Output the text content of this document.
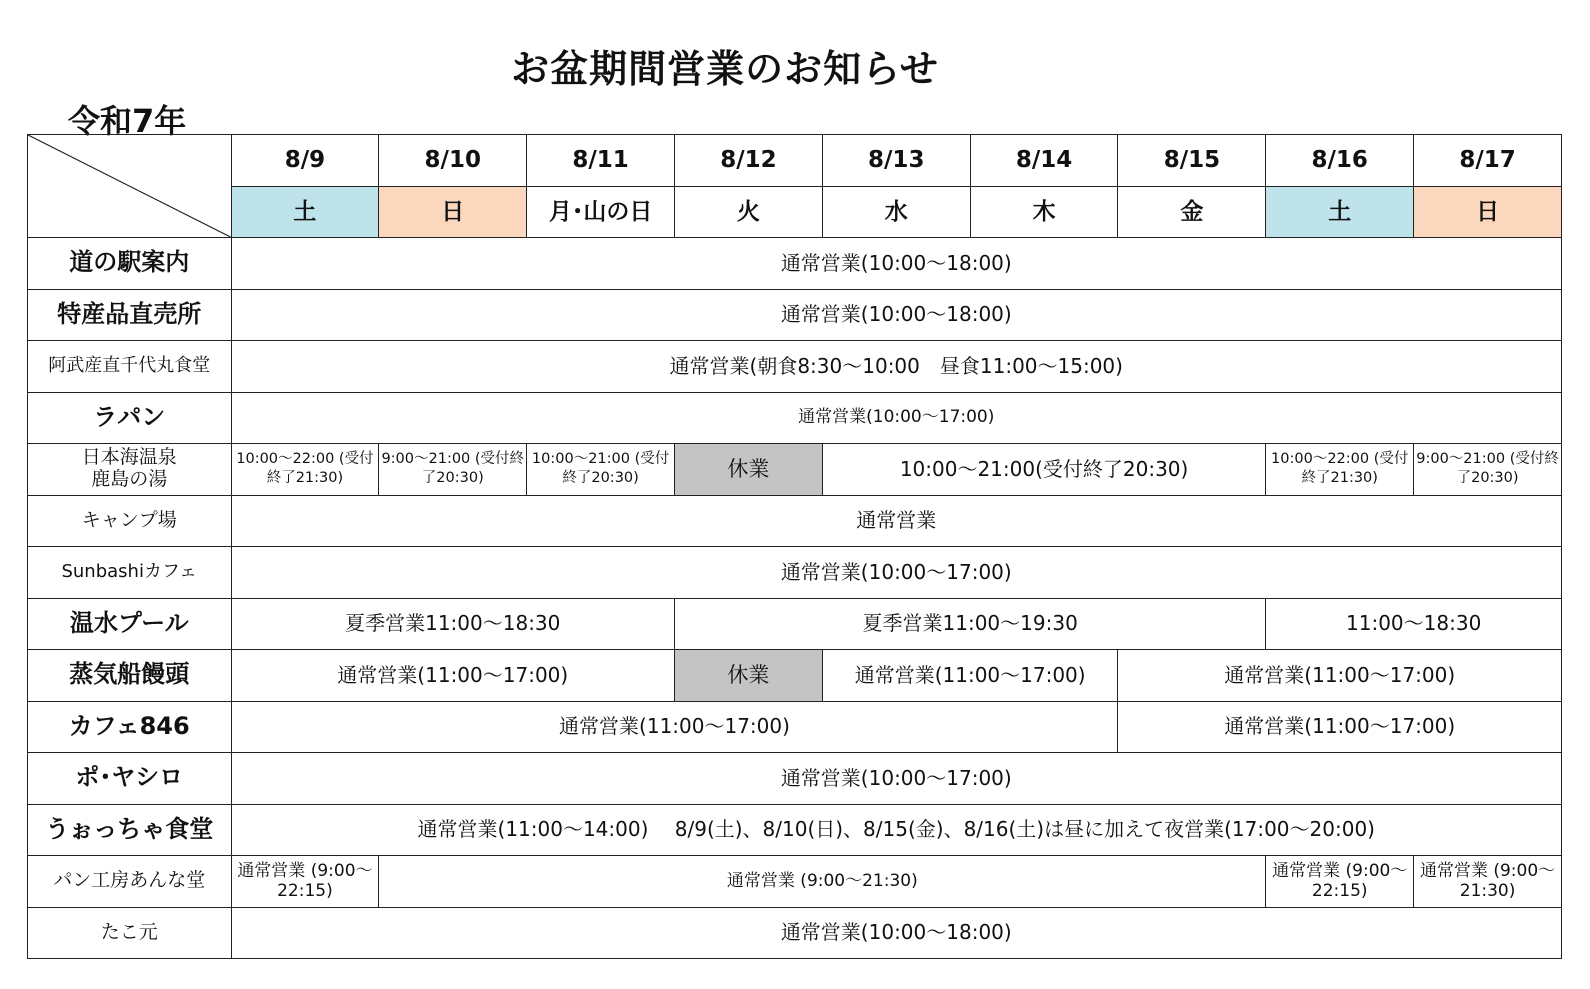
お盆期間営業のお知らせ
令和7年
	8/9	8/10	8/11	8/12	8/13	8/14	8/15	8/16	8/17
	土	日	月･山の日	火	水	木	金	土	日
道の駅案内	通常営業(10:00～18:00)								
特産品直売所	通常営業(10:00～18:00)								
阿武産直千代丸食堂	通常営業(朝食8:30～10:00　昼食11:00～15:00)								
ラパン	通常営業(10:00～17:00)								

日本海温泉
鹿島の湯	10:00～22:00 (受付終了21:30)	9:00～21:00 (受付終了20:30)	10:00～21:00 (受付終了20:30)	休業	10:00～21:00(受付終了20:30)			10:00～22:00 (受付終了21:30)	9:00～21:00 (受付終了20:30)
キャンプ場	通常営業								
Sunbashiカフェ	通常営業(10:00～17:00)								
温水プール	夏季営業11:00～18:30			夏季営業11:00～19:30				11:00～18:30	
蒸気船饅頭	通常営業(11:00～17:00)			休業	通常営業(11:00～17:00)		通常営業(11:00～17:00)		
カフェ846	通常営業(11:00～17:00)						通常営業(11:00～17:00)		
ポ･ヤシロ	通常営業(10:00～17:00)								
うぉっちゃ食堂	通常営業(11:00～14:00)　 8/9(土)、8/10(日)、8/15(金)、8/16(土)は昼に加えて夜営業(17:00～20:00)								
パン工房あんな堂	通常営業 (9:00～22:15)	通常営業 (9:00～21:30)						通常営業 (9:00～22:15)	通常営業 (9:00～21:30)
たこ元	通常営業(10:00～18:00)								
